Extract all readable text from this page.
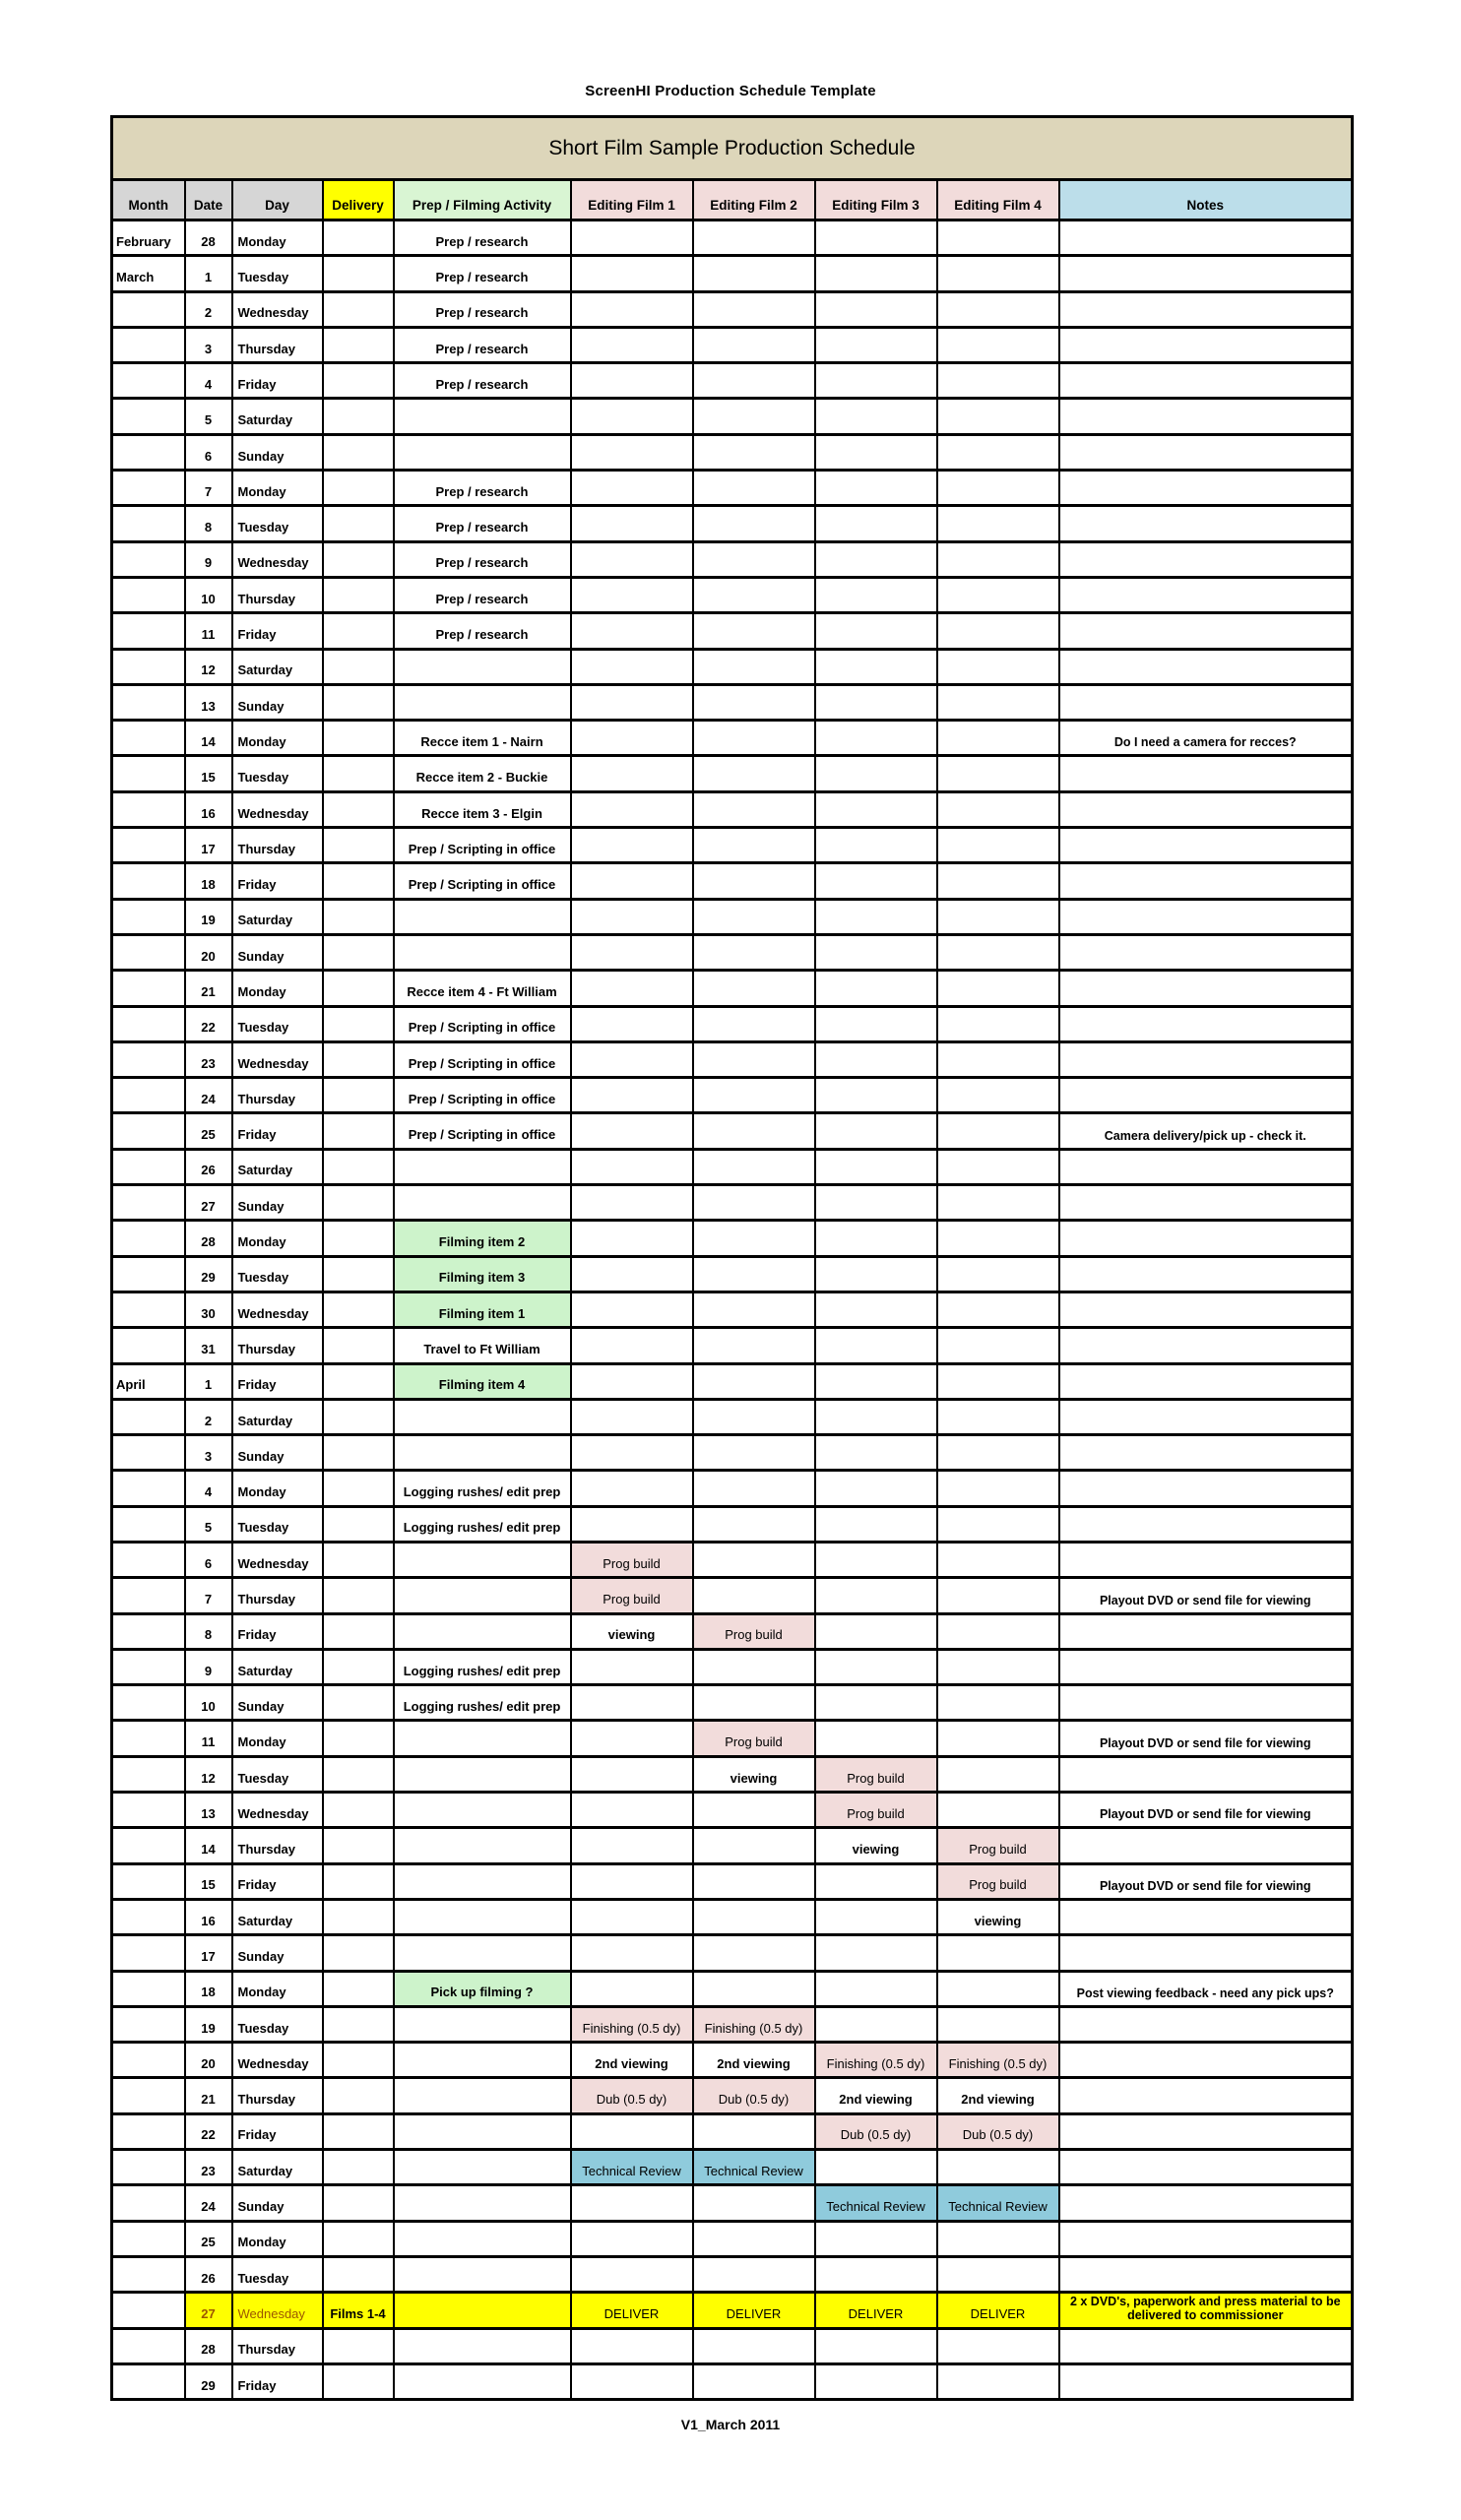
ScreenHI Production Schedule Template
Short Film Sample Production Schedule									
Month	Date	Day	Delivery	Prep / Filming Activity	Editing Film 1	Editing Film 2	Editing Film 3	Editing Film 4	Notes
February	28	Monday		Prep / research					
March	1	Tuesday		Prep / research					
	2	Wednesday		Prep / research					
	3	Thursday		Prep / research					
	4	Friday		Prep / research					
	5	Saturday							
	6	Sunday							
	7	Monday		Prep / research					
	8	Tuesday		Prep / research					
	9	Wednesday		Prep / research					
	10	Thursday		Prep / research					
	11	Friday		Prep / research					
	12	Saturday							
	13	Sunday							
	14	Monday		Recce item 1 - Nairn					Do I need a camera for recces?
	15	Tuesday		Recce item 2 - Buckie					
	16	Wednesday		Recce item 3 - Elgin					
	17	Thursday		Prep / Scripting in office					
	18	Friday		Prep / Scripting in office					
	19	Saturday							
	20	Sunday							
	21	Monday		Recce item 4 - Ft William					
	22	Tuesday		Prep / Scripting in office					
	23	Wednesday		Prep / Scripting in office					
	24	Thursday		Prep / Scripting in office					
	25	Friday		Prep / Scripting in office					Camera delivery/pick up - check it.
	26	Saturday							
	27	Sunday							
	28	Monday		Filming item 2					
	29	Tuesday		Filming item 3					
	30	Wednesday		Filming item 1					
	31	Thursday		Travel to Ft William					
April	1	Friday		Filming item 4					
	2	Saturday							
	3	Sunday							
	4	Monday		Logging rushes/ edit prep					
	5	Tuesday		Logging rushes/ edit prep					
	6	Wednesday			Prog build				
	7	Thursday			Prog build				Playout DVD or send file for viewing
	8	Friday			viewing	Prog build			
	9	Saturday		Logging rushes/ edit prep					
	10	Sunday		Logging rushes/ edit prep					
	11	Monday				Prog build			Playout DVD or send file for viewing
	12	Tuesday				viewing	Prog build		
	13	Wednesday					Prog build		Playout DVD or send file for viewing
	14	Thursday					viewing	Prog build	
	15	Friday						Prog build	Playout DVD or send file for viewing
	16	Saturday						viewing	
	17	Sunday							
	18	Monday		Pick up filming ?					Post viewing feedback - need any pick ups?
	19	Tuesday			Finishing (0.5 dy)	Finishing (0.5 dy)			
	20	Wednesday			2nd viewing	2nd viewing	Finishing (0.5 dy)	Finishing (0.5 dy)	
	21	Thursday			Dub (0.5 dy)	Dub (0.5 dy)	2nd viewing	2nd viewing	
	22	Friday					Dub (0.5 dy)	Dub (0.5 dy)	
	23	Saturday			Technical Review	Technical Review			
	24	Sunday					Technical Review	Technical Review	
	25	Monday							
	26	Tuesday							
	27	Wednesday	Films 1-4		DELIVER	DELIVER	DELIVER	DELIVER	2 x DVD's, paperwork and press material to be delivered to commissioner
	28	Thursday							
	29	Friday							
V1_March 2011
